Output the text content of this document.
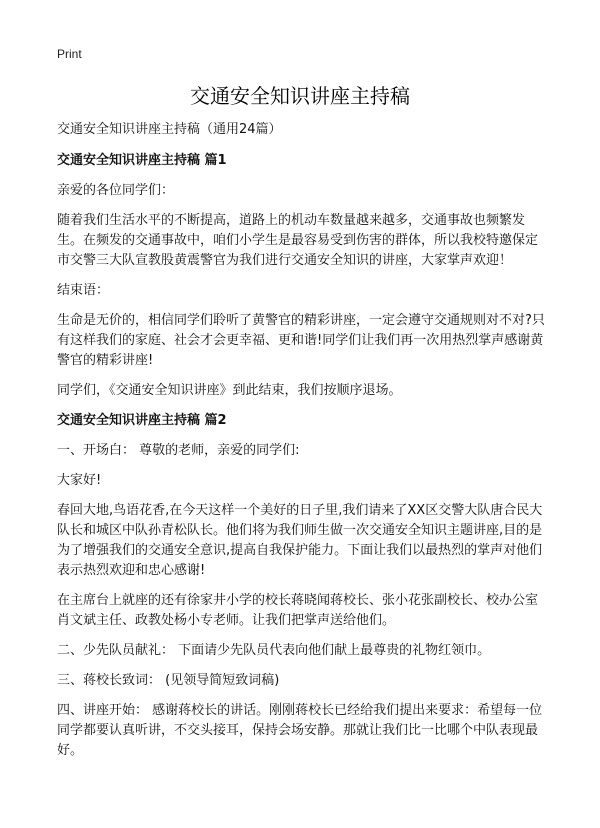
Print
交通安全知识讲座主持稿

交通安全知识讲座主持稿（通用24篇）

交通安全知识讲座主持稿 篇1

亲爱的各位同学们：

随着我们生活水平的不断提高，道路上的机动车数量越来越多，交通事故也频繁发生。在频发的交通事故中，咱们小学生是最容易受到伤害的群体，所以我校特邀保定市交警三大队宣教股黄震警官为我们进行交通安全知识的讲座，大家掌声欢迎！

结束语：

生命是无价的，相信同学们聆听了黄警官的精彩讲座，一定会遵守交通规则对不对?只有这样我们的家庭、社会才会更幸福、更和谐!同学们让我们再一次用热烈掌声感谢黄警官的精彩讲座!

同学们，《交通安全知识讲座》到此结束，我们按顺序退场。

交通安全知识讲座主持稿 篇2

一、开场白： 尊敬的老师，亲爱的同学们:

大家好!

春回大地,鸟语花香,在今天这样一个美好的日子里,我们请来了XX区交警大队唐合民大队长和城区中队孙青松队长。他们将为我们师生做一次交通安全知识主题讲座,目的是为了增强我们的交通安全意识,提高自我保护能力。下面让我们以最热烈的掌声对他们表示热烈欢迎和忠心感谢!

在主席台上就座的还有徐家井小学的校长蒋晓闻蒋校长、张小花张副校长、校办公室肖文斌主任、政教处杨小专老师。让我们把掌声送给他们。

二、少先队员献礼： 下面请少先队员代表向他们献上最尊贵的礼物红领巾。

三、蒋校长致词： (见领导简短致词稿)

四、讲座开始： 感谢蒋校长的讲话。刚刚蒋校长已经给我们提出来要求：希望每一位同学都要认真听讲，不交头接耳，保持会场安静。那就让我们比一比哪个中队表现最好。
